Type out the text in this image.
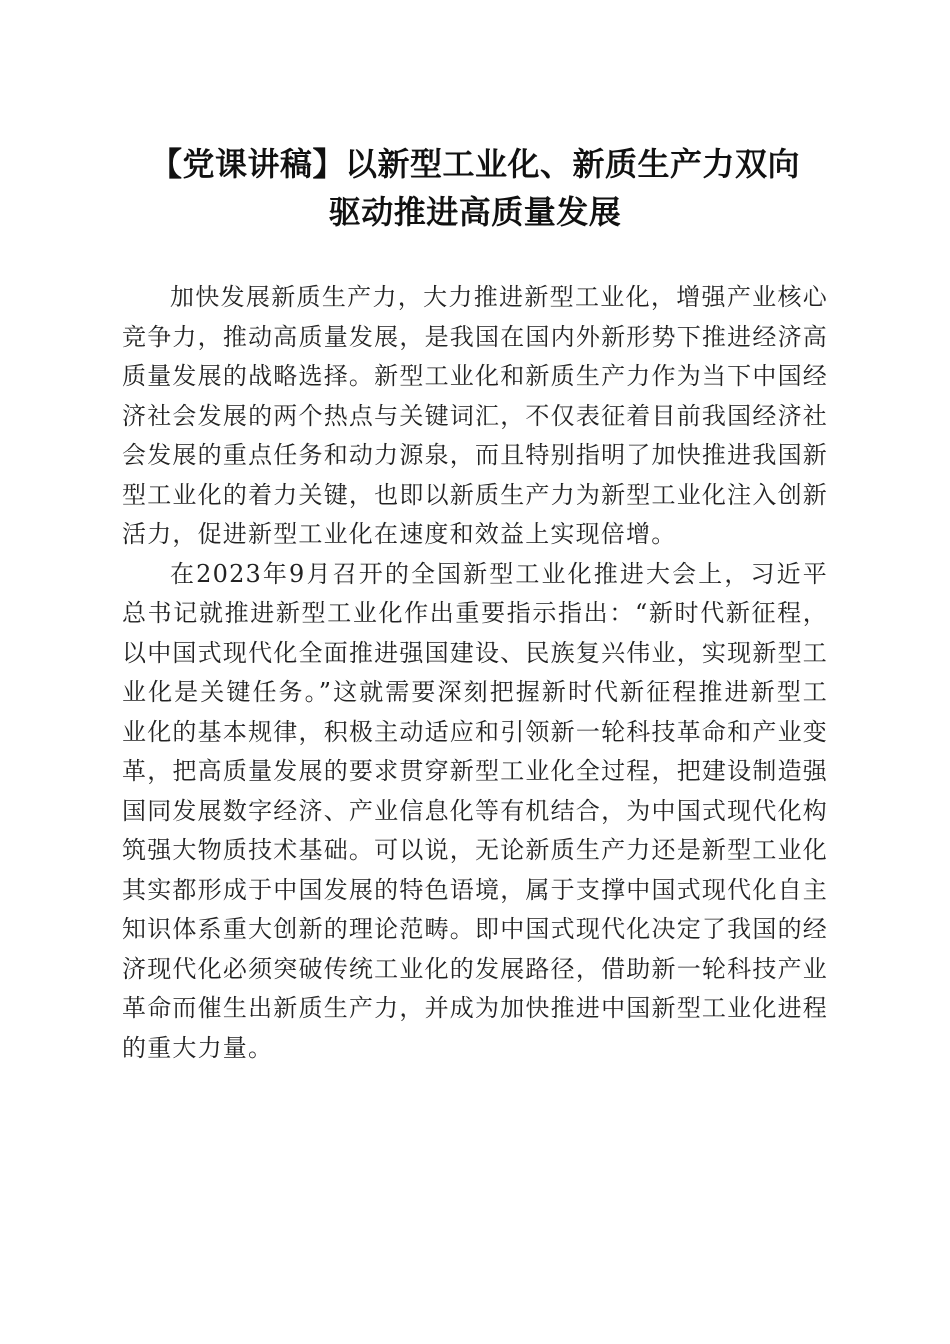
【党课讲稿】以新型工业化、新质生产力双向
驱动推进高质量发展

加快发展新质生产力，大力推进新型工业化，增强产业核心竞争力，推动高质量发展，是我国在国内外新形势下推进经济高质量发展的战略选择。新型工业化和新质生产力作为当下中国经济社会发展的两个热点与关键词汇，不仅表征着目前我国经济社会发展的重点任务和动力源泉，而且特别指明了加快推进我国新型工业化的着力关键，也即以新质生产力为新型工业化注入创新活力，促进新型工业化在速度和效益上实现倍增。

在2023年9月召开的全国新型工业化推进大会上，习近平总书记就推进新型工业化作出重要指示指出：“新时代新征程，以中国式现代化全面推进强国建设、民族复兴伟业，实现新型工业化是关键任务。”这就需要深刻把握新时代新征程推进新型工业化的基本规律，积极主动适应和引领新一轮科技革命和产业变革，把高质量发展的要求贯穿新型工业化全过程，把建设制造强国同发展数字经济、产业信息化等有机结合，为中国式现代化构筑强大物质技术基础。可以说，无论新质生产力还是新型工业化其实都形成于中国发展的特色语境，属于支撑中国式现代化自主知识体系重大创新的理论范畴。即中国式现代化决定了我国的经济现代化必须突破传统工业化的发展路径，借助新一轮科技产业革命而催生出新质生产力，并成为加快推进中国新型工业化进程的重大力量。
